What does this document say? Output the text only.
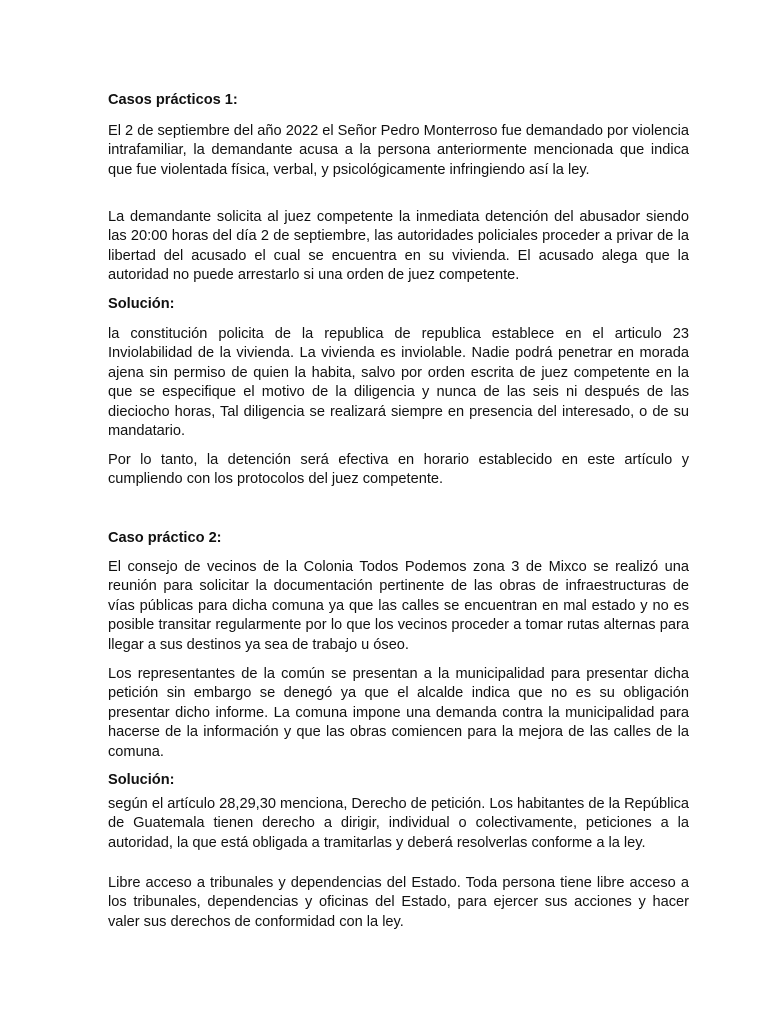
Casos prácticos 1:

El 2 de septiembre del año 2022 el Señor Pedro Monterroso fue demandado por violencia intrafamiliar, la demandante acusa a la persona anteriormente mencionada que indica que fue violentada física, verbal, y psicológicamente infringiendo así la ley.

La demandante solicita al juez competente la inmediata detención del abusador siendo las 20:00 horas del día 2 de septiembre, las autoridades policiales proceder a privar de la libertad del acusado el cual se encuentra en su vivienda. El acusado alega que la autoridad no puede arrestarlo si una orden de juez competente.

Solución:

la constitución policita de la republica de republica establece en el articulo 23 Inviolabilidad de la vivienda. La vivienda es inviolable. Nadie podrá penetrar en morada ajena sin permiso de quien la habita, salvo por orden escrita de juez competente en la que se especifique el motivo de la diligencia y nunca de las seis ni después de las dieciocho horas, Tal diligencia se realizará siempre en presencia del interesado, o de su mandatario.

Por lo tanto, la detención será efectiva en horario establecido en este artículo y cumpliendo con los protocolos del juez competente.

Caso práctico 2:

El consejo de vecinos de la Colonia Todos Podemos zona 3 de Mixco se realizó una reunión para solicitar la documentación pertinente de las obras de infraestructuras de vías públicas para dicha comuna ya que las calles se encuentran en mal estado y no es posible transitar regularmente por lo que los vecinos proceder a tomar rutas alternas para llegar a sus destinos ya sea de trabajo u óseo.

Los representantes de la común se presentan a la municipalidad para presentar dicha petición sin embargo se denegó ya que el alcalde indica que no es su obligación presentar dicho informe. La comuna impone una demanda contra la municipalidad para hacerse de la información y que las obras comiencen para la mejora de las calles de la comuna.

Solución:

según el artículo 28,29,30 menciona, Derecho de petición. Los habitantes de la República de Guatemala tienen derecho a dirigir, individual o colectivamente, peticiones a la autoridad, la que está obligada a tramitarlas y deberá resolverlas conforme a la ley.

Libre acceso a tribunales y dependencias del Estado. Toda persona tiene libre acceso a los tribunales, dependencias y oficinas del Estado, para ejercer sus acciones y hacer valer sus derechos de conformidad con la ley.
